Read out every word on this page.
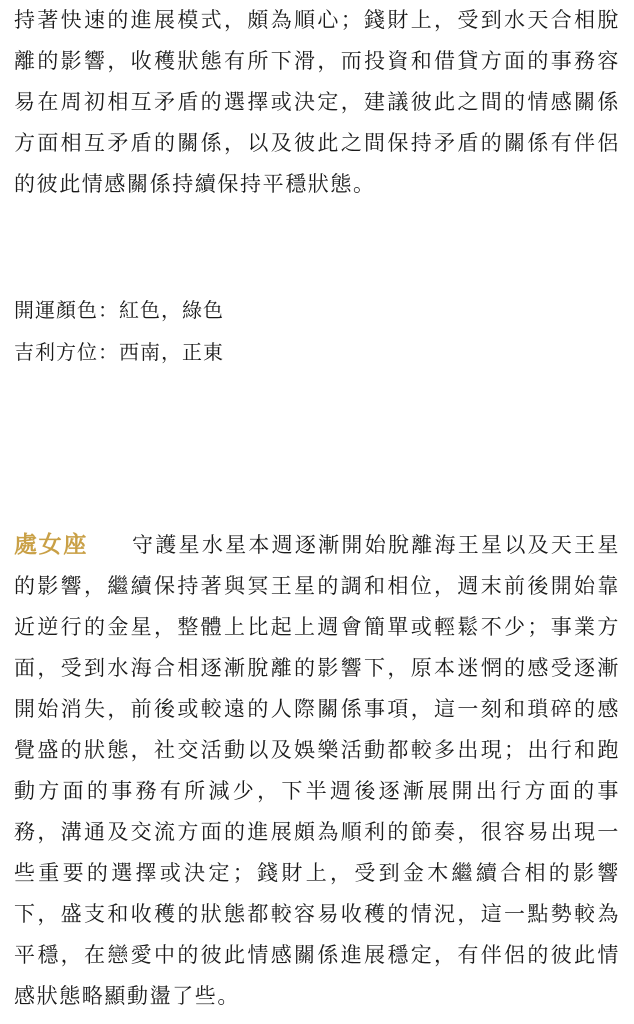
持著快速的進展模式，頗為順心；錢財上，受到水天合相脫離的影響，收穫狀態有所下滑，而投資和借貸方面的事務容易在周初相互矛盾的選擇或決定，建議彼此之間的情感關係方面相互矛盾的關係，以及彼此之間保持矛盾的關係有伴侶的彼此情感關係持續保持平穩狀態。

開運顏色：紅色，綠色

吉利方位：西南，正東

處女座 守護星水星本週逐漸開始脫離海王星以及天王星的影響，繼續保持著與冥王星的調和相位，週末前後開始靠近逆行的金星，整體上比起上週會簡單或輕鬆不少；事業方面，受到水海合相逐漸脫離的影響下，原本迷惘的感受逐漸開始消失，前後或較遠的人際關係事項，這一刻和瑣碎的感覺盛的狀態，社交活動以及娛樂活動都較多出現；出行和跑動方面的事務有所減少，下半週後逐漸展開出行方面的事務，溝通及交流方面的進展頗為順利的節奏，很容易出現一些重要的選擇或決定；錢財上，受到金木繼續合相的影響下，盛支和收穫的狀態都較容易收穫的情況，這一點勢較為平穩，在戀愛中的彼此情感關係進展穩定，有伴侶的彼此情感狀態略顯動盪了些。
